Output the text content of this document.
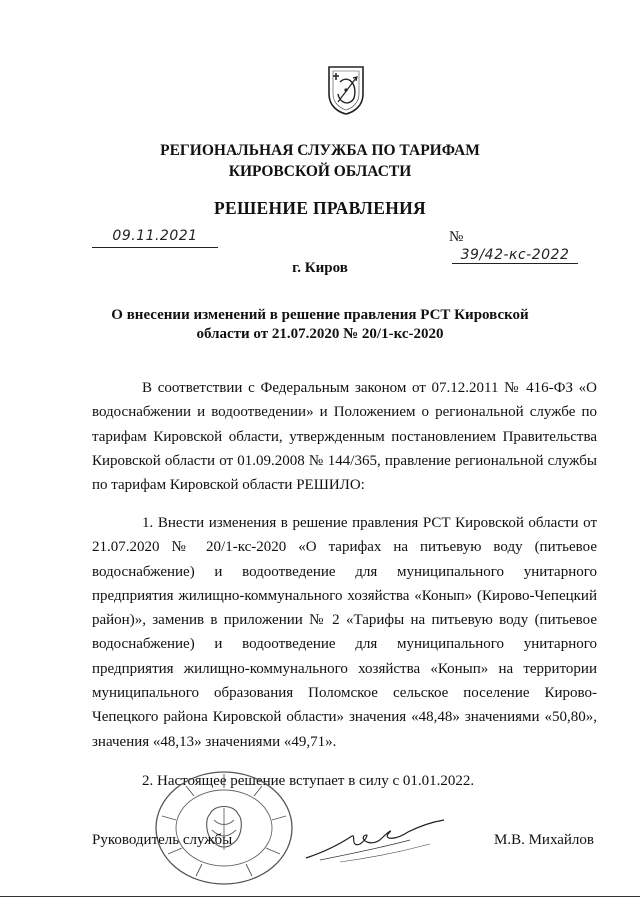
РЕГИОНАЛЬНАЯ СЛУЖБА ПО ТАРИФАМ
КИРОВСКОЙ ОБЛАСТИ
РЕШЕНИЕ ПРАВЛЕНИЯ
09.11.2021	№ 39/42-кс-2022
г. Киров
О внесении изменений в решение правления РСТ Кировской
области от 21.07.2020 № 20/1-кс-2020
В соответствии с Федеральным законом от 07.12.2011 № 416-ФЗ «О водоснабжении и водоотведении» и Положением о региональной службе по тарифам Кировской области, утвержденным постановлением Правительства Кировской области от 01.09.2008 № 144/365, правление региональной службы по тарифам Кировской области РЕШИЛО:
1. Внести изменения в решение правления РСТ Кировской области от 21.07.2020 № 20/1-кс-2020 «О тарифах на питьевую воду (питьевое водоснабжение) и водоотведение для муниципального унитарного предприятия жилищно-коммунального хозяйства «Конып» (Кирово-Чепецкий район)», заменив в приложении № 2 «Тарифы на питьевую воду (питьевое водоснабжение) и водоотведение для муниципального унитарного предприятия жилищно-коммунального хозяйства «Конып» на территории муниципального образования Поломское сельское поселение Кирово-Чепецкого района Кировской области» значения «48,48» значениями «50,80», значения «48,13» значениями «49,71».
2. Настоящее решение вступает в силу с 01.01.2022.
Руководитель службы	М.В. Михайлов
